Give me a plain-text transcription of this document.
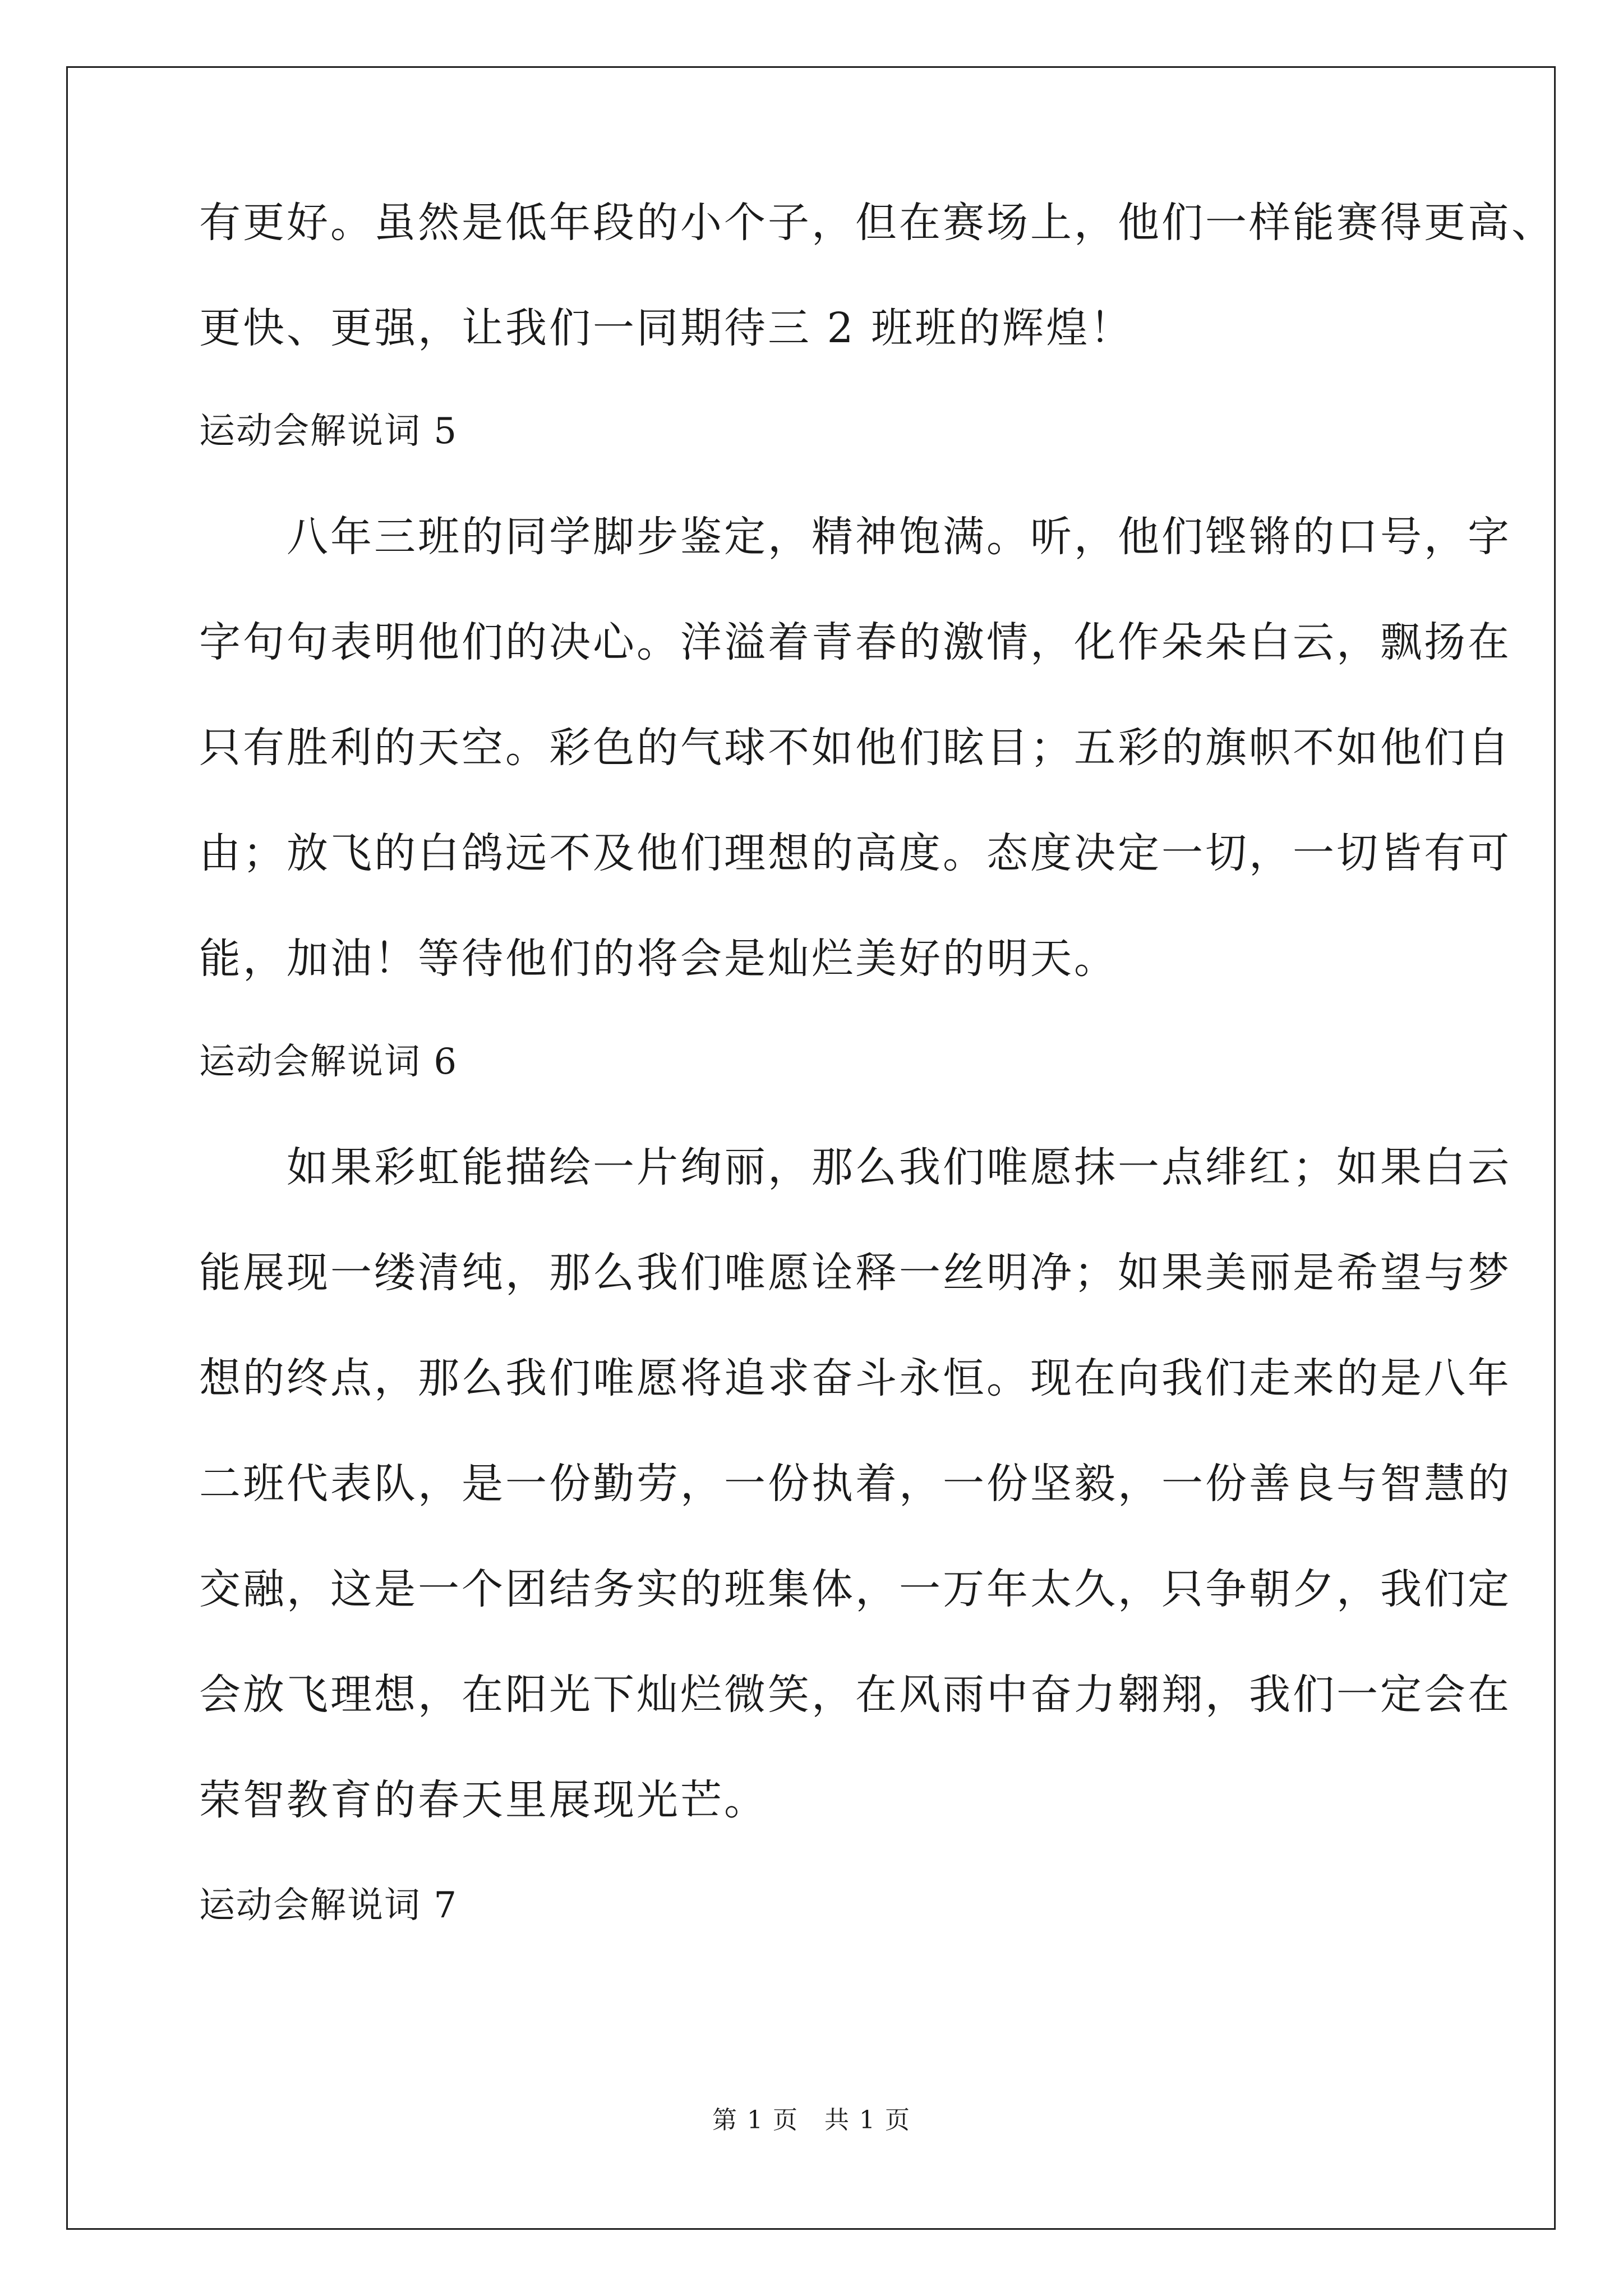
有更好。虽然是低年段的小个子，但在赛场上，他们一样能赛得更高、

更快、更强，让我们一同期待三 2 班班的辉煌！

运动会解说词 5

　　八年三班的同学脚步鉴定，精神饱满。听，他们铿锵的口号，字

字句句表明他们的决心。洋溢着青春的激情，化作朵朵白云，飘扬在

只有胜利的天空。彩色的气球不如他们眩目；五彩的旗帜不如他们自

由；放飞的白鸽远不及他们理想的高度。态度决定一切，一切皆有可

能，加油！等待他们的将会是灿烂美好的明天。

运动会解说词 6

　　如果彩虹能描绘一片绚丽，那么我们唯愿抹一点绯红；如果白云

能展现一缕清纯，那么我们唯愿诠释一丝明净；如果美丽是希望与梦

想的终点，那么我们唯愿将追求奋斗永恒。现在向我们走来的是八年

二班代表队，是一份勤劳，一份执着，一份坚毅，一份善良与智慧的

交融，这是一个团结务实的班集体，一万年太久，只争朝夕，我们定

会放飞理想，在阳光下灿烂微笑，在风雨中奋力翱翔，我们一定会在

荣智教育的春天里展现光芒。

运动会解说词 7

第 1 页　共 1 页
